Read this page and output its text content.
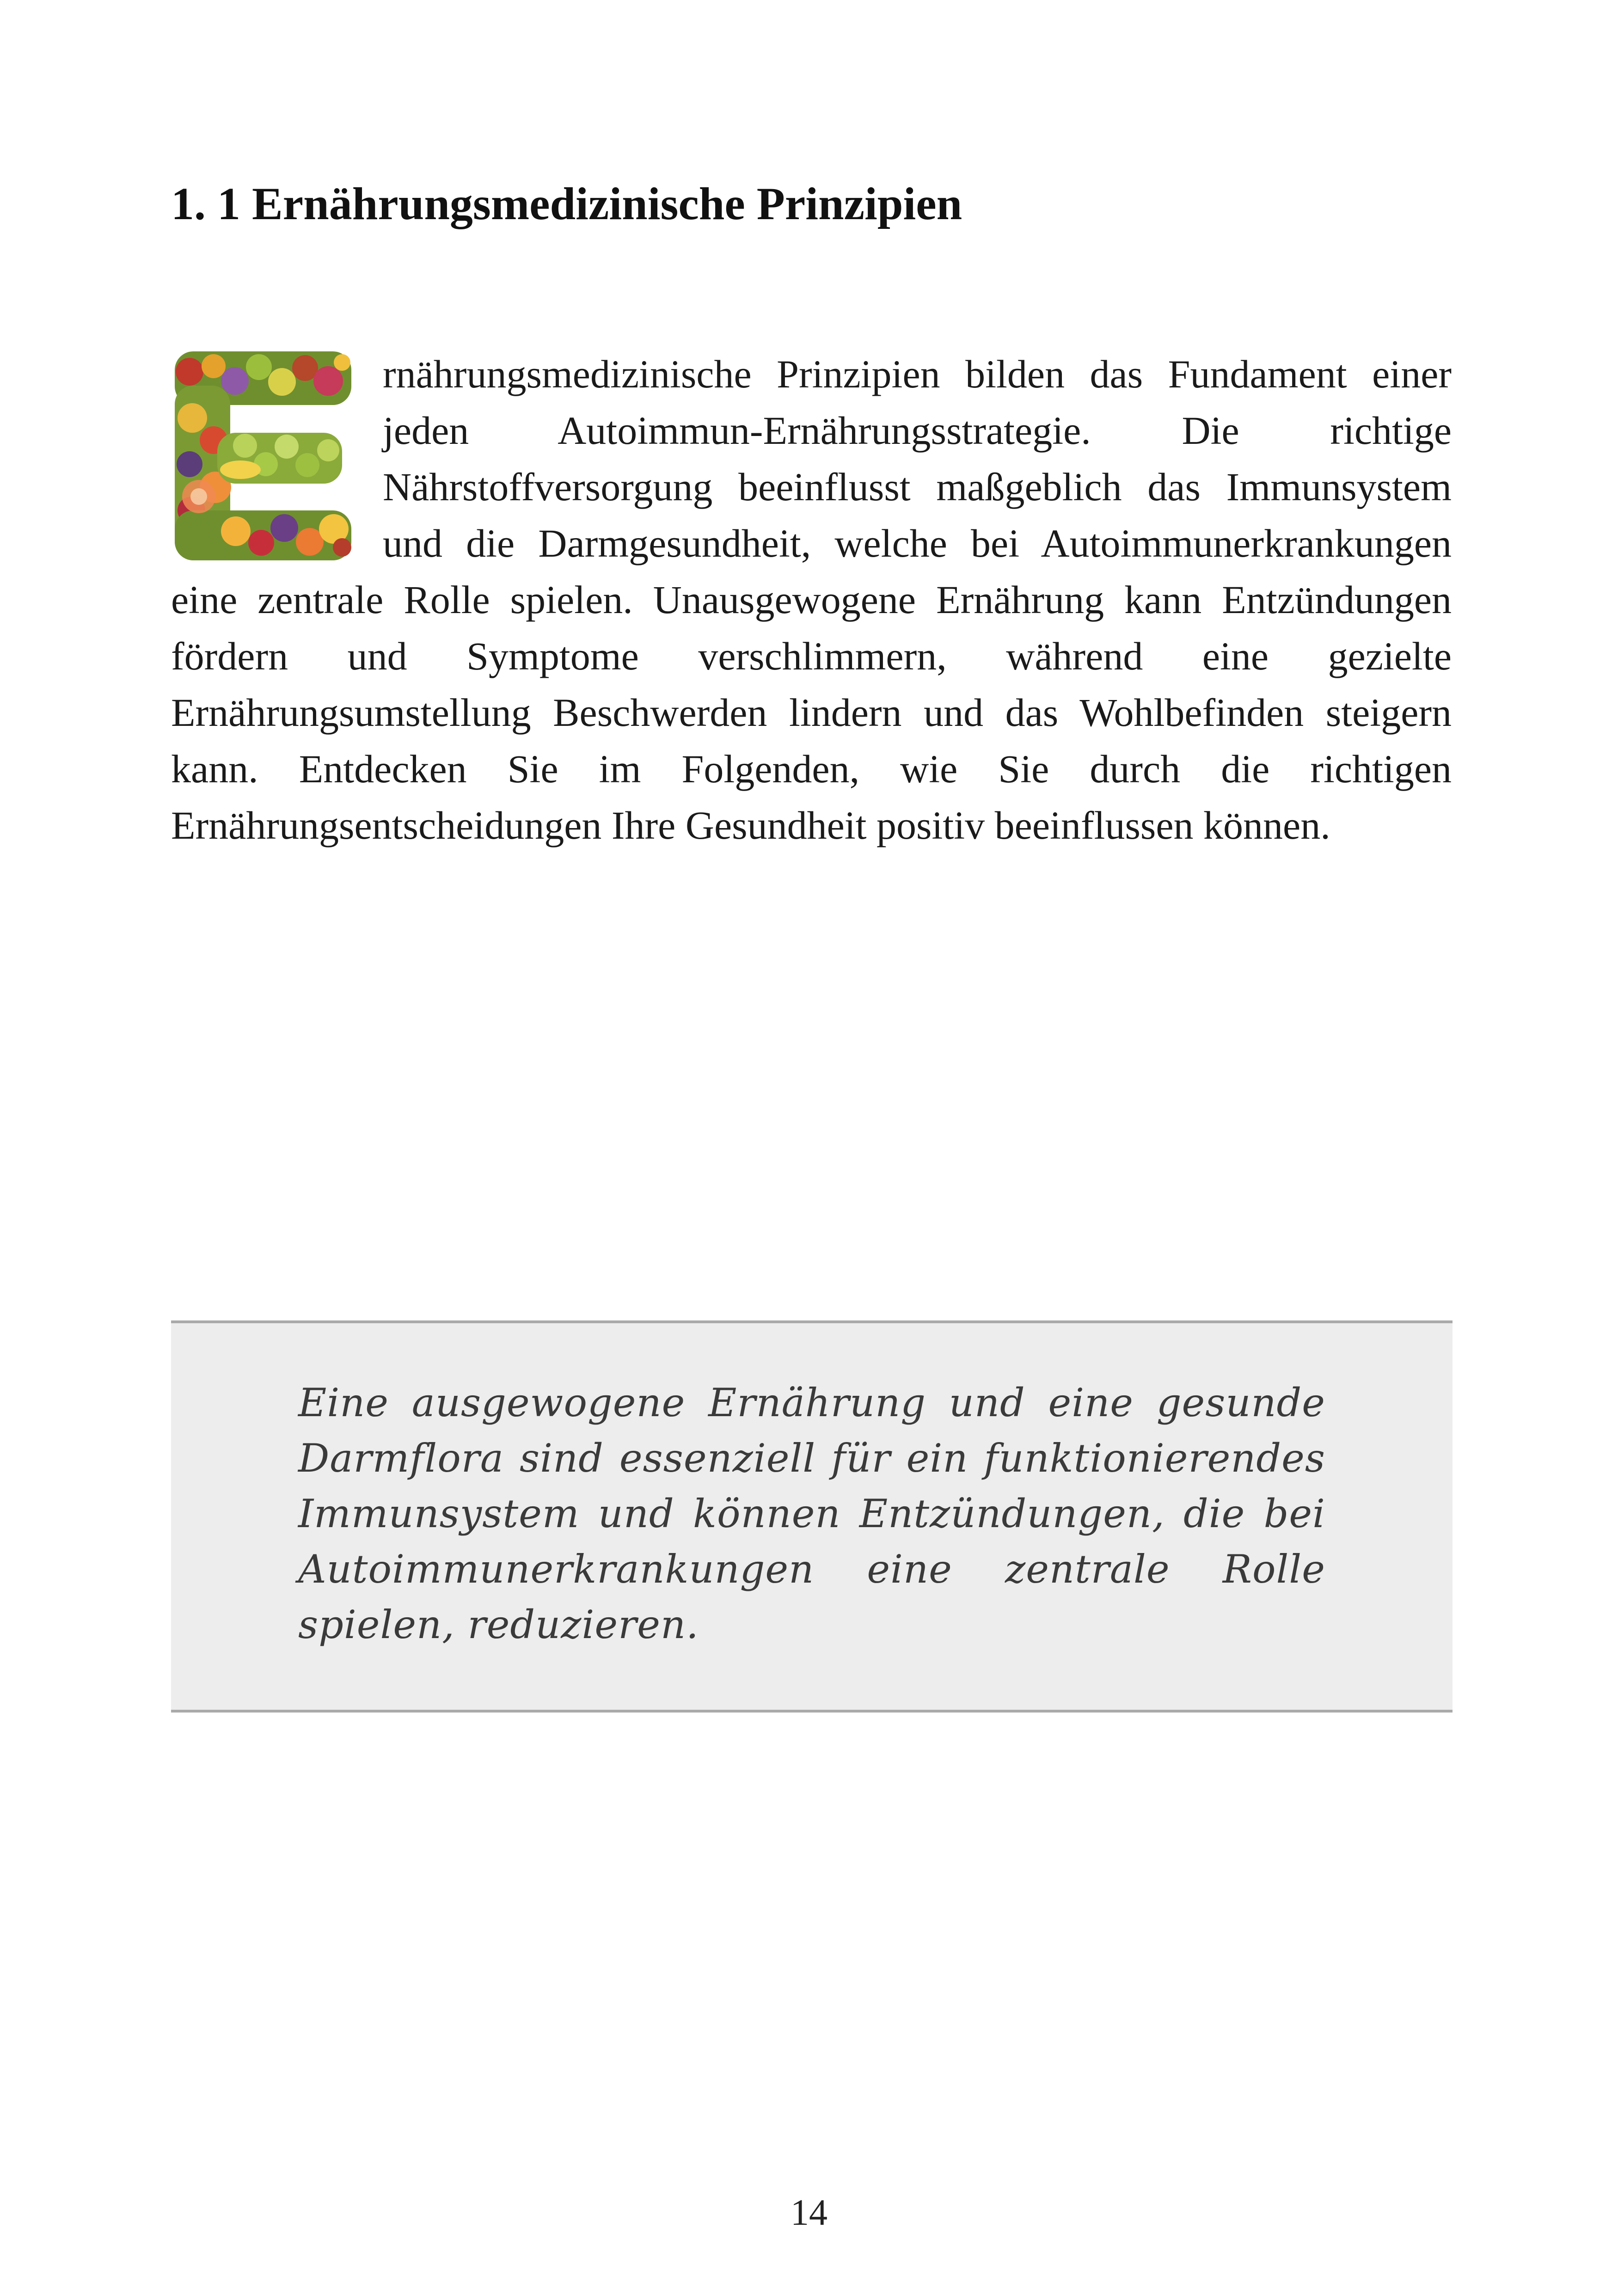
1. 1 Ernährungsmedizinische Prinzipien

rnährungsmedizinische Prinzipien bilden das Fundament einer jeden Autoimmun-Ernährungsstrategie. Die richtige Nährstoffversorgung beeinflusst maßgeblich das Immunsystem und die Darmgesundheit, welche bei Autoimmunerkrankungen eine zentrale Rolle spielen. Unausgewogene Ernährung kann Entzündungen fördern und Symptome verschlimmern, während eine gezielte Ernährungsumstellung Beschwerden lindern und das Wohlbefinden steigern kann. Entdecken Sie im Folgenden, wie Sie durch die richtigen Ernährungsentscheidungen Ihre Gesundheit positiv beeinflussen können.

Eine ausgewogene Ernährung und eine gesunde Darmflora sind essenziell für ein funktionierendes Immunsystem und können Entzündungen, die bei Autoimmunerkrankungen eine zentrale Rolle spielen, reduzieren.

14
